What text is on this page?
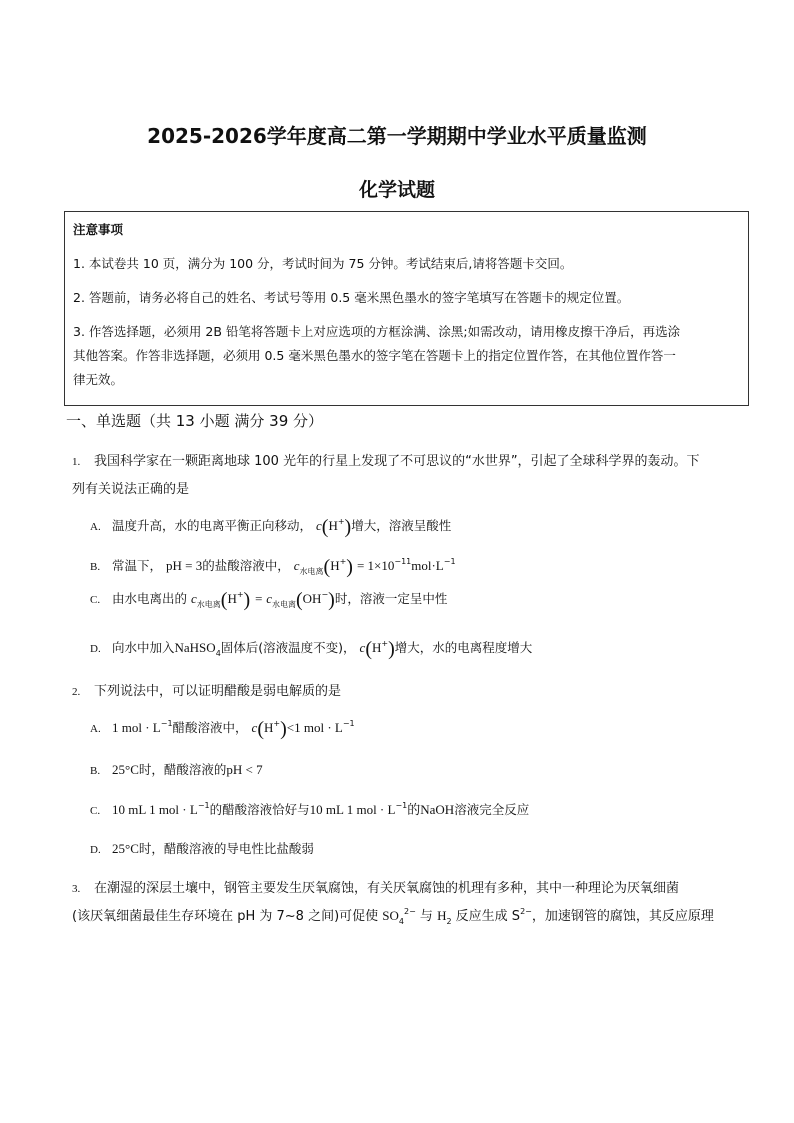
2025-2026学年度高二第一学期期中学业水平质量监测
化学试题
注意事项
1. 本试卷共 10 页，满分为 100 分，考试时间为 75 分钟。考试结束后,请将答题卡交回。
2. 答题前，请务必将自己的姓名、考试号等用 0.5 毫米黑色墨水的签字笔填写在答题卡的规定位置。
3. 作答选择题，必须用 2B 铅笔将答题卡上对应选项的方框涂满、涂黑;如需改动，请用橡皮擦干净后，再选涂
其他答案。作答非选择题，必须用 0.5 毫米黑色墨水的签字笔在答题卡上的指定位置作答，在其他位置作答一
律无效。
一、单选题（共 13 小题 满分 39 分）
1. 我国科学家在一颗距离地球 100 光年的行星上发现了不可思议的“水世界”，引起了全球科学界的轰动。下
列有关说法正确的是
A. 温度升高，水的电离平衡正向移动， c(H+)增大，溶液呈酸性
B. 常温下， pH = 3的盐酸溶液中， $c_{水电离}(H^+) = 1\times 10^{-11}mol\cdot L^{-1}$
C. 由水电离出的 $c_{水电离}(H^+) = c_{水电离}(OH^-)$时，溶液一定呈中性
D. 向水中加入NaHSO$_4$固体后(溶液温度不变)， c(H+)增大，水的电离程度增大
2. 下列说法中，可以证明醋酸是弱电解质的是
A. 1 mol · $L^{-1}$醋酸溶液中， c(H+)<1 mol · $L^{-1}$
B. 25°C时，醋酸溶液的pH < 7
C. 10 mL 1 mol · $L^{-1}$的醋酸溶液恰好与10 mL 1 mol · $L^{-1}$的NaOH溶液完全反应
D. 25°C时，醋酸溶液的导电性比盐酸弱
3. 在潮湿的深层土壤中，钢管主要发生厌氧腐蚀，有关厌氧腐蚀的机理有多种，其中一种理论为厌氧细菌
(该厌氧细菌最佳生存环境在 pH 为 7~8 之间)可促使 $SO_4^{2-}$ 与 $H_2$ 反应生成 $S^{2-}$，加速钢管的腐蚀，其反应原理
